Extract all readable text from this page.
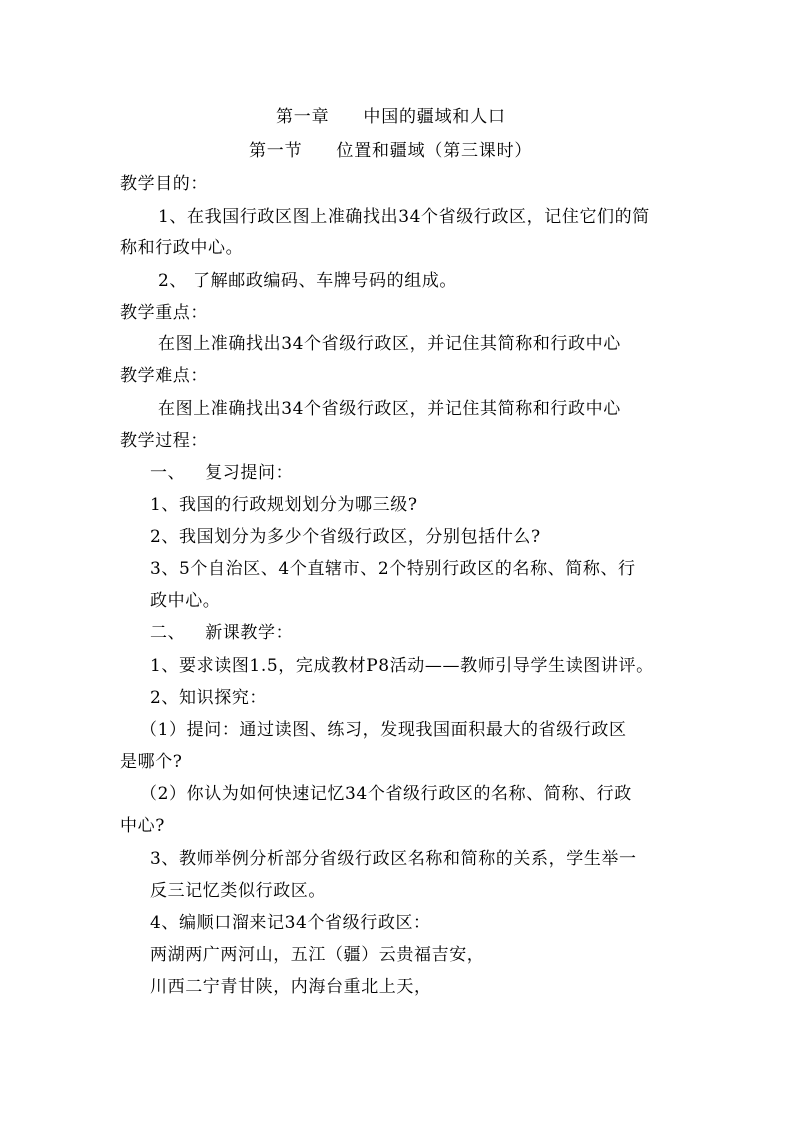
第一章 中国的疆域和人口
第一节 位置和疆域（第三课时）
教学目的：
1、在我国行政区图上准确找出34个省级行政区，记住它们的简
称和行政中心。
2、 了解邮政编码、车牌号码的组成。
教学重点：
在图上准确找出34个省级行政区，并记住其简称和行政中心
教学难点：
在图上准确找出34个省级行政区，并记住其简称和行政中心
教学过程：
一、 复习提问：
1、我国的行政规划划分为哪三级?
2、我国划分为多少个省级行政区，分别包括什么?
3、5个自治区、4个直辖市、2个特别行政区的名称、简称、行
政中心。
二、 新课教学：
1、要求读图1.5，完成教材P8活动——教师引导学生读图讲评。
2、知识探究：
（1）提问：通过读图、练习，发现我国面积最大的省级行政区
是哪个?
（2）你认为如何快速记忆34个省级行政区的名称、简称、行政
中心?
3、教师举例分析部分省级行政区名称和简称的关系，学生举一
反三记忆类似行政区。
4、编顺口溜来记34个省级行政区：
两湖两广两河山，五江（疆）云贵福吉安，
川西二宁青甘陕，内海台重北上天，
